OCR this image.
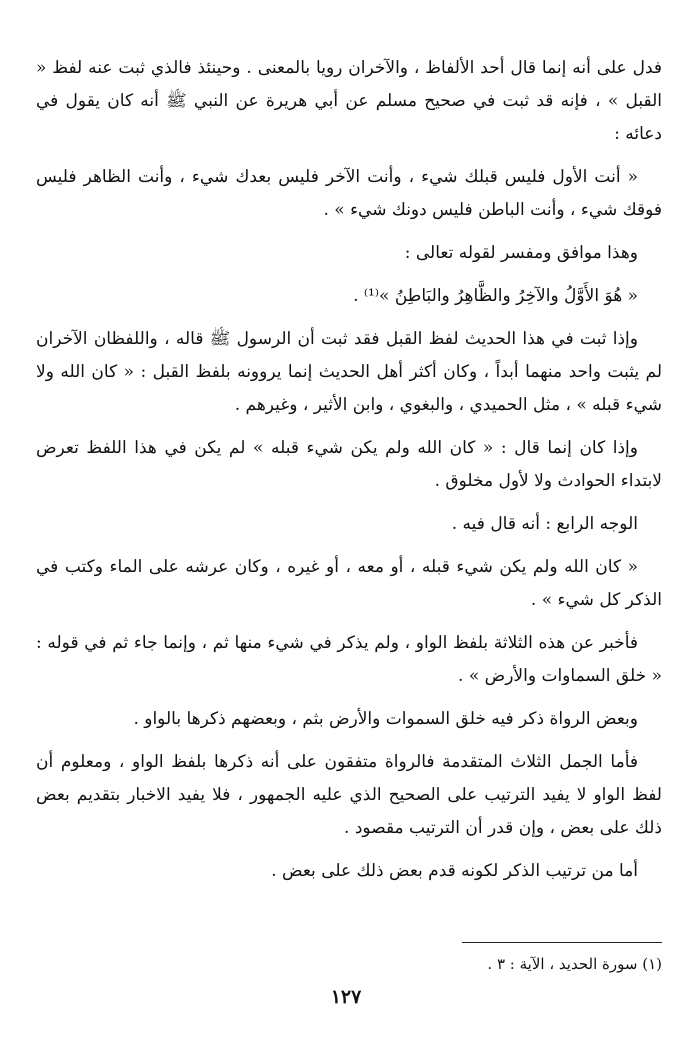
فدل على أنه إنما قال أحد الألفاظ ، والآخران رويا بالمعنى . وحينئذ فالذي ثبت عنه لفظ « القبل » ، فإنه قد ثبت في صحيح مسلم عن أبي هريرة عن النبي ﷺ أنه كان يقول في دعائه :

« أنت الأول فليس قبلك شيء ، وأنت الآخر فليس بعدك شيء ، وأنت الظاهر فليس فوقك شيء ، وأنت الباطن فليس دونك شيء » .

وهذا موافق ومفسر لقوله تعالى :

« هُوَ الأَوَّلُ والآخِرُ والظَّاهِرُ والبَاطِنُ »⁽¹⁾ .

وإذا ثبت في هذا الحديث لفظ القبل فقد ثبت أن الرسول ﷺ قاله ، واللفظان الآخران لم يثبت واحد منهما أبداً ، وكان أكثر أهل الحديث إنما يروونه بلفظ القبل : « كان الله ولا شيء قبله » ، مثل الحميدي ، والبغوي ، وابن الأثير ، وغيرهم .

وإذا كان إنما قال : « كان الله ولم يكن شيء قبله » لم يكن في هذا اللفظ تعرض لابتداء الحوادث ولا لأول مخلوق .

الوجه الرابع : أنه قال فيه .

« كان الله ولم يكن شيء قبله ، أو معه ، أو غيره ، وكان عرشه على الماء وكتب في الذكر كل شيء » .

فأخبر عن هذه الثلاثة بلفظ الواو ، ولم يذكر في شيء منها ثم ، وإنما جاء ثم في قوله : « خلق السماوات والأرض » .

وبعض الرواة ذكر فيه خلق السموات والأرض بثم ، وبعضهم ذكرها بالواو .

فأما الجمل الثلاث المتقدمة فالرواة متفقون على أنه ذكرها بلفظ الواو ، ومعلوم أن لفظ الواو لا يفيد الترتيب على الصحيح الذي عليه الجمهور ، فلا يفيد الاخبار بتقديم بعض ذلك على بعض ، وإن قدر أن الترتيب مقصود .

أما من ترتيب الذكر لكونه قدم بعض ذلك على بعض .

(١) سورة الحديد ، الآية : ٣ .
١٢٧
